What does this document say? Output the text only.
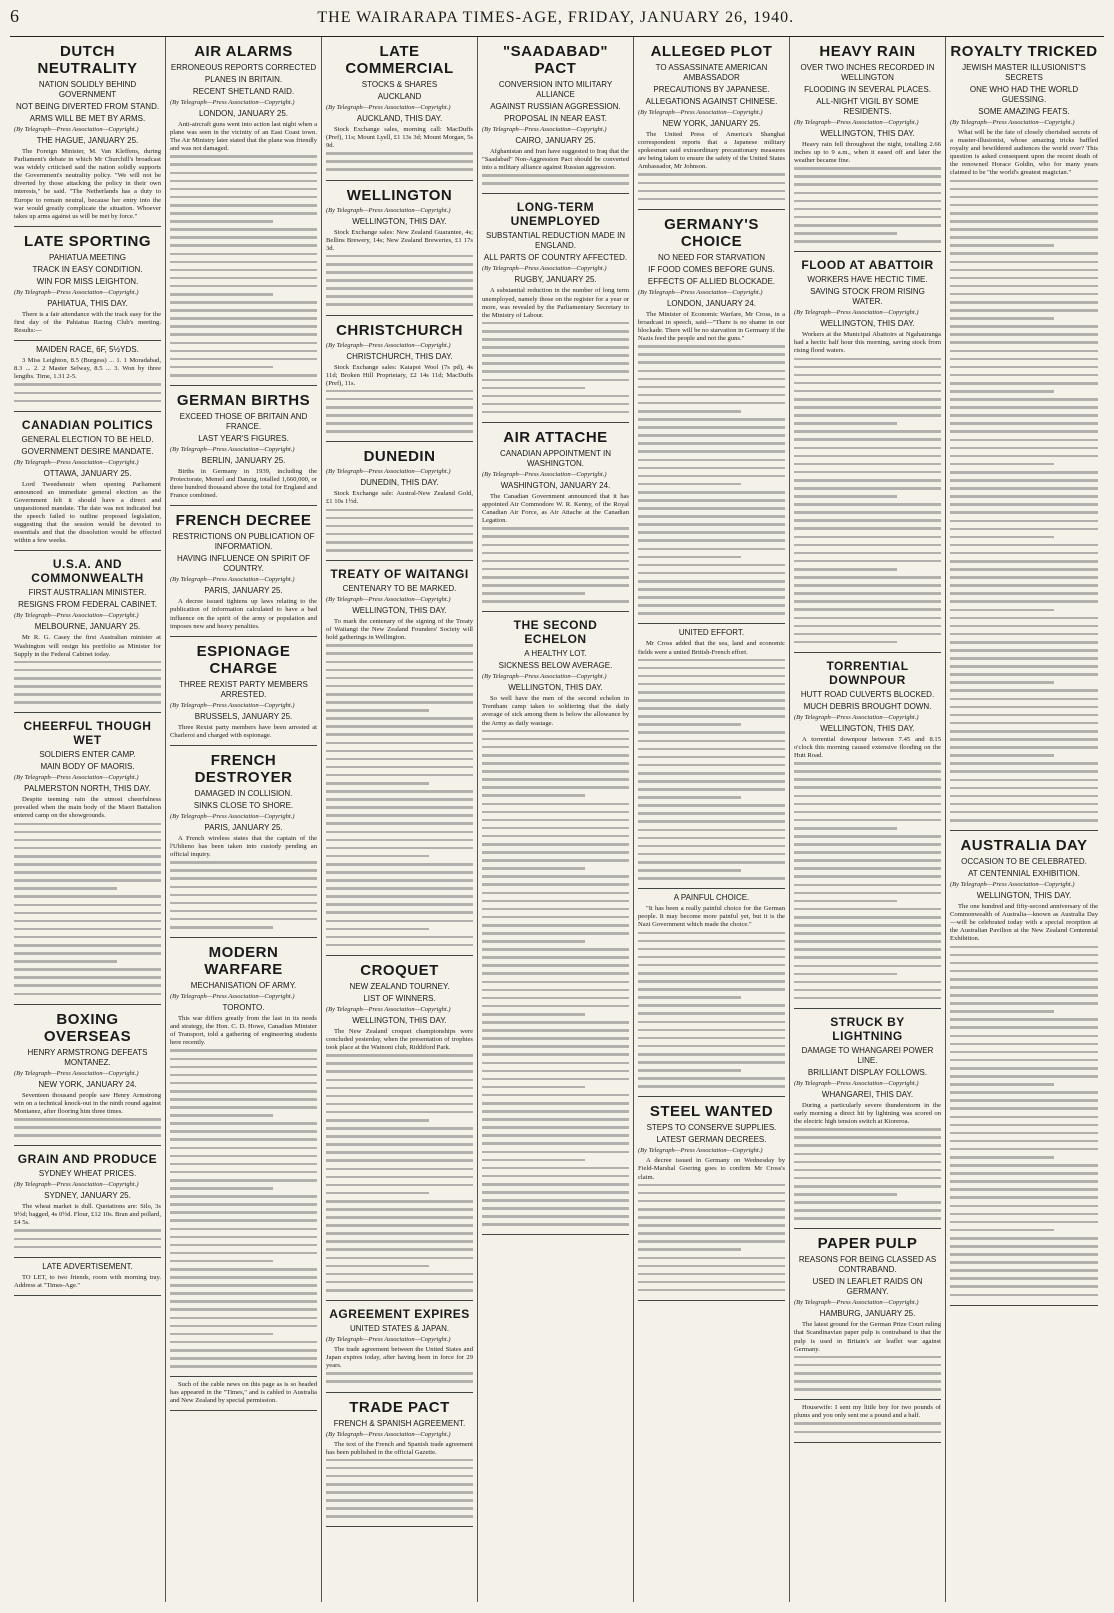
6	THE WAIRARAPA TIMES-AGE, FRIDAY, JANUARY 26, 1940.
DUTCH NEUTRALITY
NATION SOLIDLY BEHIND GOVERNMENT
NOT BEING DIVERTED FROM STAND.
ARMS WILL BE MET BY ARMS.
(By Telegraph—Press Association—Copyright.)
THE HAGUE, JANUARY 25.

The Foreign Minister, M. Van Kleffens, during Parliament's debate in which Mr Churchill's broadcast was widely criticised said the nation solidly supports the Government's neutrality policy. "We will not be diverted by those attacking the policy in their own interests," he said. "The Netherlands has a duty to Europe to remain neutral, because her entry into the war would greatly complicate the situation. Whoever takes up arms against us will be met by force."

LATE SPORTING
PAHIATUA MEETING
TRACK IN EASY CONDITION.
WIN FOR MISS LEIGHTON.
(By Telegraph—Press Association—Copyright.)
PAHIATUA, THIS DAY.

There is a fair attendance with the track easy for the first day of the Pahiatua Racing Club's meeting. Results:—

MAIDEN RACE, 6F, 5½YDS.

3 Miss Leighton, 8.5 (Burgess) ... 1. 1 Moradabad, 8.3 ... 2. 2 Master Selway, 8.5 ... 3. Won by three lengths. Time, 1.31 2-5.

CANADIAN POLITICS
GENERAL ELECTION TO BE HELD.
GOVERNMENT DESIRE MANDATE.
(By Telegraph—Press Association—Copyright.)
OTTAWA, JANUARY 25.

Lord Tweedsmuir when opening Parliament announced an immediate general election as the Government felt it should have a direct and unquestioned mandate. The date was not indicated but the speech failed to outline proposed legislation, suggesting that the session would be devoted to essentials and that the dissolution would be effected within a few weeks.

U.S.A. AND COMMONWEALTH
FIRST AUSTRALIAN MINISTER.
RESIGNS FROM FEDERAL CABINET.
(By Telegraph—Press Association—Copyright.)
MELBOURNE, JANUARY 25.

Mr R. G. Casey the first Australian minister at Washington will resign his portfolio as Minister for Supply in the Federal Cabinet today.

CHEERFUL THOUGH WET
SOLDIERS ENTER CAMP.
MAIN BODY OF MAORIS.
(By Telegraph—Press Association—Copyright.)
PALMERSTON NORTH, THIS DAY.

Despite teeming rain the utmost cheerfulness prevailed when the main body of the Maori Battalion entered camp on the showgrounds.

BOXING OVERSEAS
HENRY ARMSTRONG DEFEATS MONTANEZ.
(By Telegraph—Press Association—Copyright.)
NEW YORK, JANUARY 24.

Seventeen thousand people saw Henry Armstrong win on a technical knock-out in the ninth round against Montanez, after flooring him three times.

GRAIN AND PRODUCE
SYDNEY WHEAT PRICES.
(By Telegraph—Press Association—Copyright.)
SYDNEY, JANUARY 25.

The wheat market is dull. Quotations are: Silo, 3s 9½d; bagged, 4s 0½d. Flour, £12 10s. Bran and pollard, £4 5s.

LATE ADVERTISEMENT.

TO LET, to two friends, room with morning tray. Address at "Times-Age."

AIR ALARMS
ERRONEOUS REPORTS CORRECTED
PLANES IN BRITAIN.
RECENT SHETLAND RAID.
(By Telegraph—Press Association—Copyright.)
LONDON, JANUARY 25.

Anti-aircraft guns went into action last night when a plane was seen in the vicinity of an East Coast town. The Air Ministry later stated that the plane was friendly and was not damaged.

GERMAN BIRTHS
EXCEED THOSE OF BRITAIN AND FRANCE.
LAST YEAR'S FIGURES.
(By Telegraph—Press Association—Copyright.)
BERLIN, JANUARY 25.

Births in Germany in 1939, including the Protectorate, Memel and Danzig, totalled 1,660,000, or three hundred thousand above the total for England and France combined.

FRENCH DECREE
RESTRICTIONS ON PUBLICATION OF INFORMATION.
HAVING INFLUENCE ON SPIRIT OF COUNTRY.
(By Telegraph—Press Association—Copyright.)
PARIS, JANUARY 25.

A decree issued tightens up laws relating to the publication of information calculated to have a bad influence on the spirit of the army or population and imposes new and heavy penalties.

ESPIONAGE CHARGE
THREE REXIST PARTY MEMBERS ARRESTED.
(By Telegraph—Press Association—Copyright.)
BRUSSELS, JANUARY 25.

Three Rexist party members have been arrested at Charleroi and charged with espionage.

FRENCH DESTROYER
DAMAGED IN COLLISION.
SINKS CLOSE TO SHORE.
(By Telegraph—Press Association—Copyright.)
PARIS, JANUARY 25.

A French wireless states that the captain of the l'Ublieno has been taken into custody pending an official inquiry.

MODERN WARFARE
MECHANISATION OF ARMY.
(By Telegraph—Press Association—Copyright.)
TORONTO.

This war differs greatly from the last in its needs and strategy, the Hon. C. D. Howe, Canadian Minister of Transport, told a gathering of engineering students here recently.

Such of the cable news on this page as is so headed has appeared in the "Times," and is cabled to Australia and New Zealand by special permission.

LATE COMMERCIAL
STOCKS & SHARES
AUCKLAND
(By Telegraph—Press Association—Copyright.)
AUCKLAND, THIS DAY.

Stock Exchange sales, morning call: MacDuffs (Pref), 11s; Mount Lyell, £1 13s 3d; Mount Morgan, 5s 9d.

WELLINGTON
(By Telegraph—Press Association—Copyright.)
WELLINGTON, THIS DAY.

Stock Exchange sales: New Zealand Guarantee, 4s; Bellins Brewery, 14s; New Zealand Breweries, £1 17s 3d.

CHRISTCHURCH
(By Telegraph—Press Association—Copyright.)
CHRISTCHURCH, THIS DAY.

Stock Exchange sales: Kaiapoi Wool (7s pd), 4s 11d; Broken Hill Proprietary, £2 14s 11d; MacDuffs (Pref), 11s.

DUNEDIN
(By Telegraph—Press Association—Copyright.)
DUNEDIN, THIS DAY.

Stock Exchange sale: Austral-New Zealand Gold, £1 10s 1½d.

TREATY OF WAITANGI
CENTENARY TO BE MARKED.
(By Telegraph—Press Association—Copyright.)
WELLINGTON, THIS DAY.

To mark the centenary of the signing of the Treaty of Waitangi the New Zealand Founders' Society will hold gatherings in Wellington.

CROQUET
NEW ZEALAND TOURNEY.
LIST OF WINNERS.
(By Telegraph—Press Association—Copyright.)
WELLINGTON, THIS DAY.

The New Zealand croquet championships were concluded yesterday, when the presentation of trophies took place at the Wainoni club, Riddiford Park.

AGREEMENT EXPIRES
UNITED STATES & JAPAN.
(By Telegraph—Press Association—Copyright.)

The trade agreement between the United States and Japan expires today, after having been in force for 29 years.

TRADE PACT
FRENCH & SPANISH AGREEMENT.
(By Telegraph—Press Association—Copyright.)

The text of the French and Spanish trade agreement has been published in the official Gazette.

"SAADABAD" PACT
CONVERSION INTO MILITARY ALLIANCE
AGAINST RUSSIAN AGGRESSION.
PROPOSAL IN NEAR EAST.
(By Telegraph—Press Association—Copyright.)
CAIRO, JANUARY 25.

Afghanistan and Iran have suggested to Iraq that the "Saadabad" Non-Aggression Pact should be converted into a military alliance against Russian aggression.

LONG-TERM UNEMPLOYED
SUBSTANTIAL REDUCTION MADE IN ENGLAND.
ALL PARTS OF COUNTRY AFFECTED.
(By Telegraph—Press Association—Copyright.)
RUGBY, JANUARY 25.

A substantial reduction in the number of long term unemployed, namely those on the register for a year or more, was revealed by the Parliamentary Secretary to the Ministry of Labour.

AIR ATTACHE
CANADIAN APPOINTMENT IN WASHINGTON.
(By Telegraph—Press Association—Copyright.)
WASHINGTON, JANUARY 24.

The Canadian Government announced that it has appointed Air Commodore W. R. Kenny, of the Royal Canadian Air Force, as Air Attache at the Canadian Legation.

THE SECOND ECHELON
A HEALTHY LOT.
SICKNESS BELOW AVERAGE.
(By Telegraph—Press Association—Copyright.)
WELLINGTON, THIS DAY.

So well have the men of the second echelon in Trentham camp taken to soldiering that the daily average of sick among them is below the allowance by the Army as daily wastage.

ALLEGED PLOT
TO ASSASSINATE AMERICAN AMBASSADOR
PRECAUTIONS BY JAPANESE.
ALLEGATIONS AGAINST CHINESE.
(By Telegraph—Press Association—Copyright.)
NEW YORK, JANUARY 25.

The United Press of America's Shanghai correspondent reports that a Japanese military spokesman said extraordinary precautionary measures are being taken to ensure the safety of the United States Ambassador, Mr Johnson.

GERMANY'S CHOICE
NO NEED FOR STARVATION
IF FOOD COMES BEFORE GUNS.
EFFECTS OF ALLIED BLOCKADE.
(By Telegraph—Press Association—Copyright.)
LONDON, JANUARY 24.

The Minister of Economic Warfare, Mr Cross, in a broadcast in speech, said—"There is no shame in our blockade. There will be no starvation in Germany if the Nazis feed the people and not the guns."

UNITED EFFORT.

Mr Cross added that the sea, land and economic fields were a united British-French effort.

A PAINFUL CHOICE.

"It has been a really painful choice for the German people. It may become more painful yet, but it is the Nazi Government which made the choice."

STEEL WANTED
STEPS TO CONSERVE SUPPLIES.
LATEST GERMAN DECREES.
(By Telegraph—Press Association—Copyright.)

A decree issued in Germany on Wednesday by Field-Marshal Goering goes to confirm Mr Cross's claim.

HEAVY RAIN
OVER TWO INCHES RECORDED IN WELLINGTON
FLOODING IN SEVERAL PLACES.
ALL-NIGHT VIGIL BY SOME RESIDENTS.
(By Telegraph—Press Association—Copyright.)
WELLINGTON, THIS DAY.

Heavy rain fell throughout the night, totalling 2.66 inches up to 9 a.m., when it eased off and later the weather became fine.

FLOOD AT ABATTOIR
WORKERS HAVE HECTIC TIME.
SAVING STOCK FROM RISING WATER.
(By Telegraph—Press Association—Copyright.)
WELLINGTON, THIS DAY.

Workers at the Municipal Abattoirs at Ngahauranga had a hectic half hour this morning, saving stock from rising flood waters.

TORRENTIAL DOWNPOUR
HUTT ROAD CULVERTS BLOCKED.
MUCH DEBRIS BROUGHT DOWN.
(By Telegraph—Press Association—Copyright.)
WELLINGTON, THIS DAY.

A torrential downpour between 7.45 and 8.15 o'clock this morning caused extensive flooding on the Hutt Road.

STRUCK BY LIGHTNING
DAMAGE TO WHANGAREI POWER LINE.
BRILLIANT DISPLAY FOLLOWS.
(By Telegraph—Press Association—Copyright.)
WHANGAREI, THIS DAY.

During a particularly severe thunderstorm in the early morning a direct hit by lightning was scored on the electric high tension switch at Kioreroa.

PAPER PULP
REASONS FOR BEING CLASSED AS CONTRABAND.
USED IN LEAFLET RAIDS ON GERMANY.
(By Telegraph—Press Association—Copyright.)
HAMBURG, JANUARY 25.

The latest ground for the German Prize Court ruling that Scandinavian paper pulp is contraband is that the pulp is used in Britain's air leaflet war against Germany.

Housewife: I sent my little boy for two pounds of plums and you only sent me a pound and a half.

ROYALTY TRICKED
JEWISH MASTER ILLUSIONIST'S SECRETS
ONE WHO HAD THE WORLD GUESSING.
SOME AMAZING FEATS.
(By Telegraph—Press Association—Copyright.)

What will be the fate of closely cherished secrets of a master-illusionist, whose amazing tricks baffled royalty and bewildered audiences the world over? This question is asked consequent upon the recent death of the renowned Horace Goldin, who for many years claimed to be "the world's greatest magician."

AUSTRALIA DAY
OCCASION TO BE CELEBRATED.
AT CENTENNIAL EXHIBITION.
(By Telegraph—Press Association—Copyright.)
WELLINGTON, THIS DAY.

The one hundred and fifty-second anniversary of the Commonwealth of Australia—known as Australia Day—will be celebrated today with a special reception at the Australian Pavilion at the New Zealand Centennial Exhibition.
